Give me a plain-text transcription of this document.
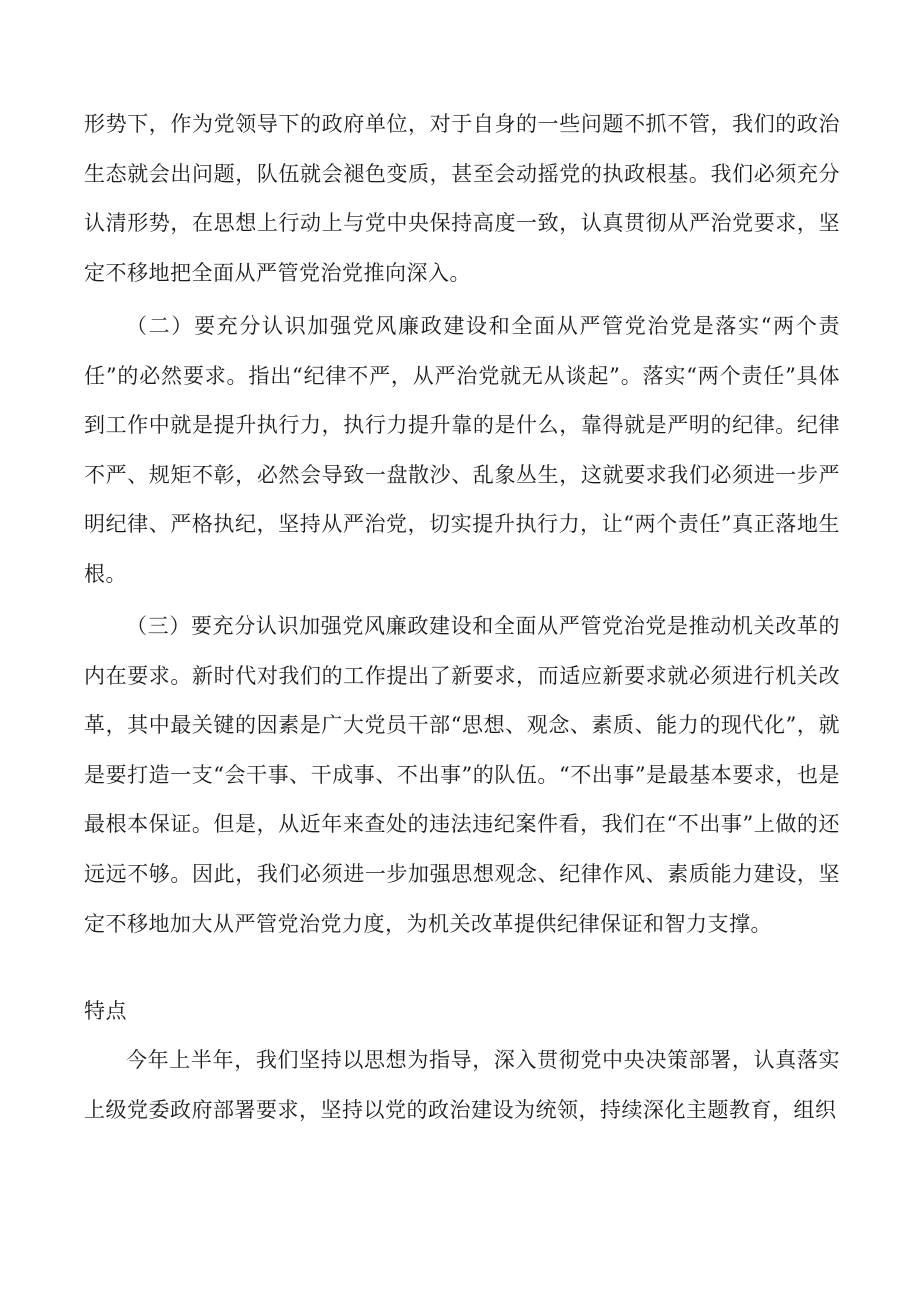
形势下，作为党领导下的政府单位，对于自身的一些问题不抓不管，我们的政治生态就会出问题，队伍就会褪色变质，甚至会动摇党的执政根基。我们必须充分认清形势，在思想上行动上与党中央保持高度一致，认真贯彻从严治党要求，坚定不移地把全面从严管党治党推向深入。

（二）要充分认识加强党风廉政建设和全面从严管党治党是落实“两个责任”的必然要求。指出“纪律不严，从严治党就无从谈起”。落实“两个责任”具体到工作中就是提升执行力，执行力提升靠的是什么，靠得就是严明的纪律。纪律不严、规矩不彰，必然会导致一盘散沙、乱象丛生，这就要求我们必须进一步严明纪律、严格执纪，坚持从严治党，切实提升执行力，让“两个责任”真正落地生根。

（三）要充分认识加强党风廉政建设和全面从严管党治党是推动机关改革的内在要求。新时代对我们的工作提出了新要求，而适应新要求就必须进行机关改革，其中最关键的因素是广大党员干部“思想、观念、素质、能力的现代化”，就是要打造一支“会干事、干成事、不出事”的队伍。“不出事”是最基本要求，也是最根本保证。但是，从近年来查处的违法违纪案件看，我们在“不出事”上做的还远远不够。因此，我们必须进一步加强思想观念、纪律作风、素质能力建设，坚定不移地加大从严管党治党力度，为机关改革提供纪律保证和智力支撑。

特点

今年上半年，我们坚持以思想为指导，深入贯彻党中央决策部署，认真落实上级党委政府部署要求，坚持以党的政治建设为统领，持续深化主题教育，组织
